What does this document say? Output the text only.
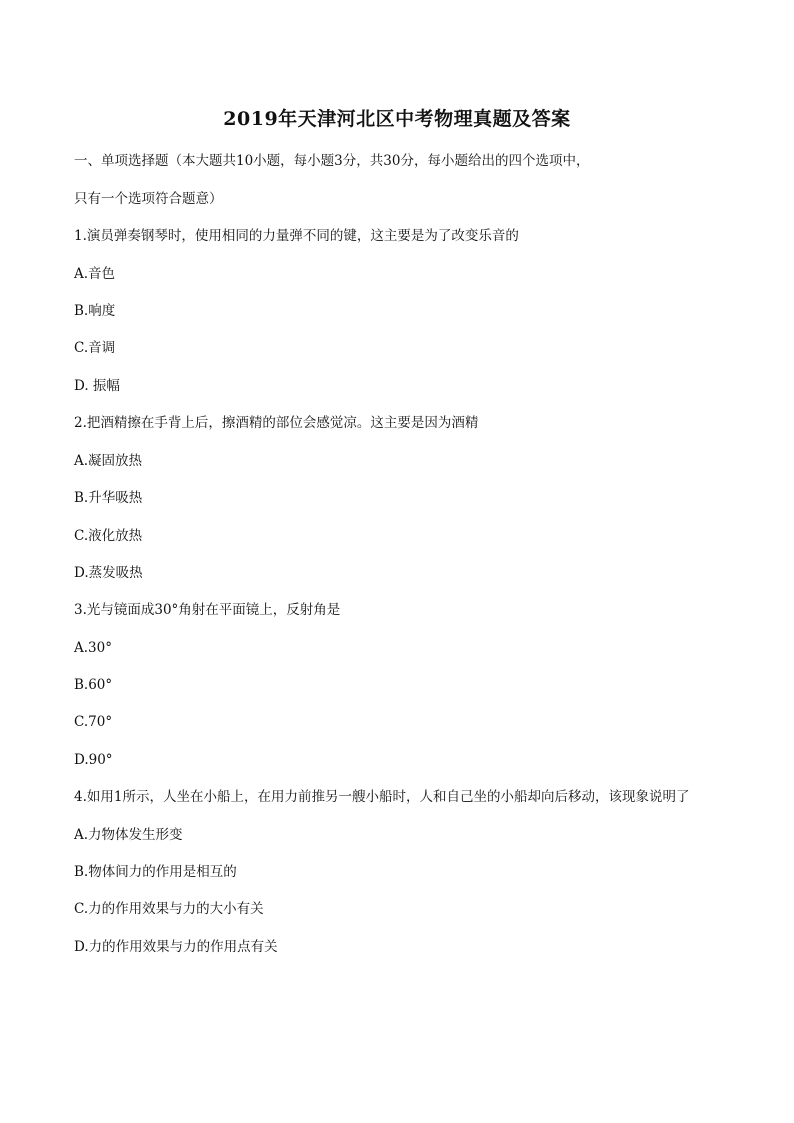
2019年天津河北区中考物理真题及答案
一、单项选择题（本大题共10小题，每小题3分，共30分，每小题给出的四个选项中，
只有一个选项符合题意）
1.演员弹奏钢琴时，使用相同的力量弹不同的键，这主要是为了改变乐音的
A.音色
B.响度
C.音调
D. 振幅
2.把酒精擦在手背上后，擦酒精的部位会感觉凉。这主要是因为酒精
A.凝固放热
B.升华吸热
C.液化放热
D.蒸发吸热
3.光与镜面成30°角射在平面镜上，反射角是
A.30°
B.60°
C.70°
D.90°
4.如用1所示，人坐在小船上，在用力前推另一艘小船时，人和自己坐的小船却向后移动，该现象说明了
A.力物体发生形变
B.物体间力的作用是相互的
C.力的作用效果与力的大小有关
D.力的作用效果与力的作用点有关
